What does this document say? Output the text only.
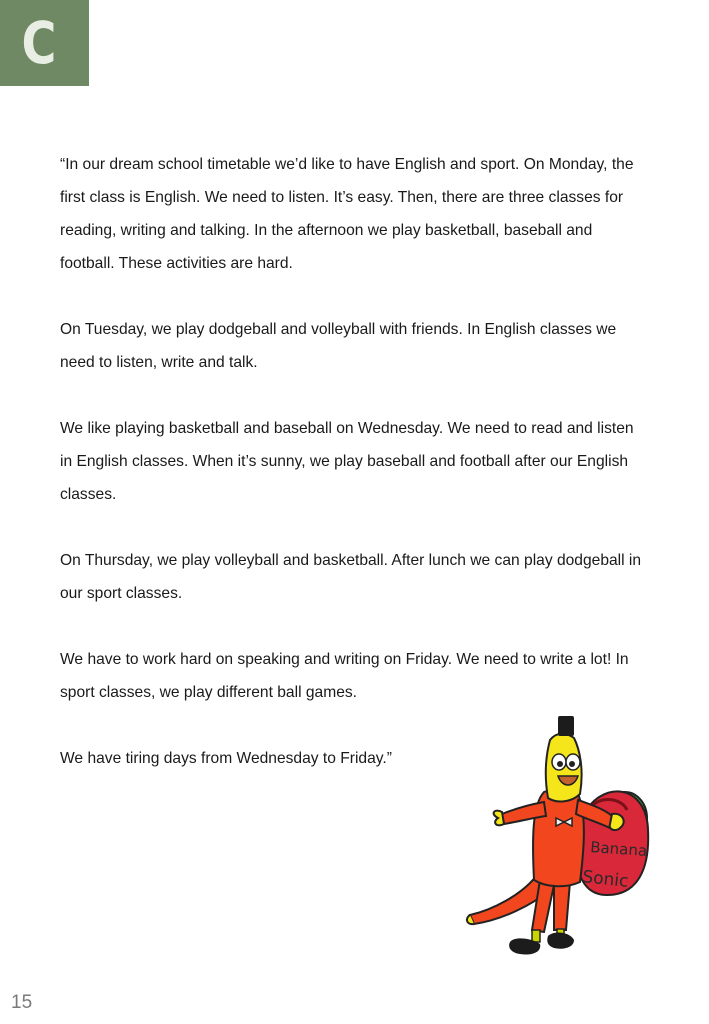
C

“In our dream school timetable we’d like to have English and sport. On Monday, the first class is English. We need to listen. It’s easy. Then, there are three classes for reading, writing and talking. In the afternoon we play basketball, baseball and football. These activities are hard.

On Tuesday, we play dodgeball and volleyball with friends. In English classes we need to listen, write and talk.

We like playing basketball and baseball on Wednesday. We need to read and listen in English classes. When it’s sunny, we play baseball and football after our English classes.

On Thursday, we play volleyball and basketball. After lunch we can play dodgeball in our sport classes.

We have to work hard on speaking and writing on Friday. We need to write a lot! In sport classes, we play different ball games.

We have tiring days from Wednesday to Friday.”

Banana
Sonic
15
